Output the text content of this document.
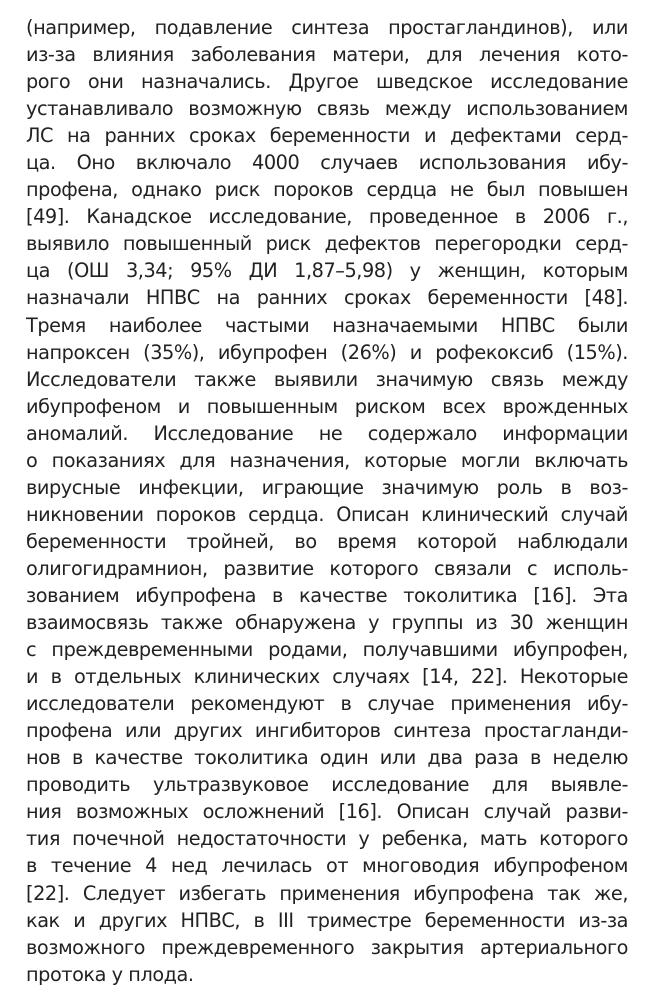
(например, подавление синтеза простагландинов), или
из-за влияния заболевания матери, для лечения кото-
рого они назначались. Другое шведское исследование
устанавливало возможную связь между использованием
ЛС на ранних сроках беременности и дефектами серд-
ца. Оно включало 4000 случаев использования ибу-
профена, однако риск пороков сердца не был повышен
[49]. Канадское исследование, проведенное в 2006 г.,
выявило повышенный риск дефектов перегородки серд-
ца (ОШ 3,34; 95% ДИ 1,87–5,98) у женщин, которым
назначали НПВС на ранних сроках беременности [48].
Тремя наиболее частыми назначаемыми НПВС были
напроксен (35%), ибупрофен (26%) и рофекоксиб (15%).
Исследователи также выявили значимую связь между
ибупрофеном и повышенным риском всех врожденных
аномалий. Исследование не содержало информации
о показаниях для назначения, которые могли включать
вирусные инфекции, играющие значимую роль в воз-
никновении пороков сердца. Описан клинический случай
беременности тройней, во время которой наблюдали
олигогидрамнион, развитие которого связали с исполь-
зованием ибупрофена в качестве токолитика [16]. Эта
взаимосвязь также обнаружена у группы из 30 женщин
с преждевременными родами, получавшими ибупрофен,
и в отдельных клинических случаях [14, 22]. Некоторые
исследователи рекомендуют в случае применения ибу-
профена или других ингибиторов синтеза простагланди-
нов в качестве токолитика один или два раза в неделю
проводить ультразвуковое исследование для выявле-
ния возможных осложнений [16]. Описан случай разви-
тия почечной недостаточности у ребенка, мать которого
в течение 4 нед лечилась от многоводия ибупрофеном
[22]. Следует избегать применения ибупрофена так же,
как и других НПВС, в III триместре беременности из-за
возможного преждевременного закрытия артериального
протока у плода.
